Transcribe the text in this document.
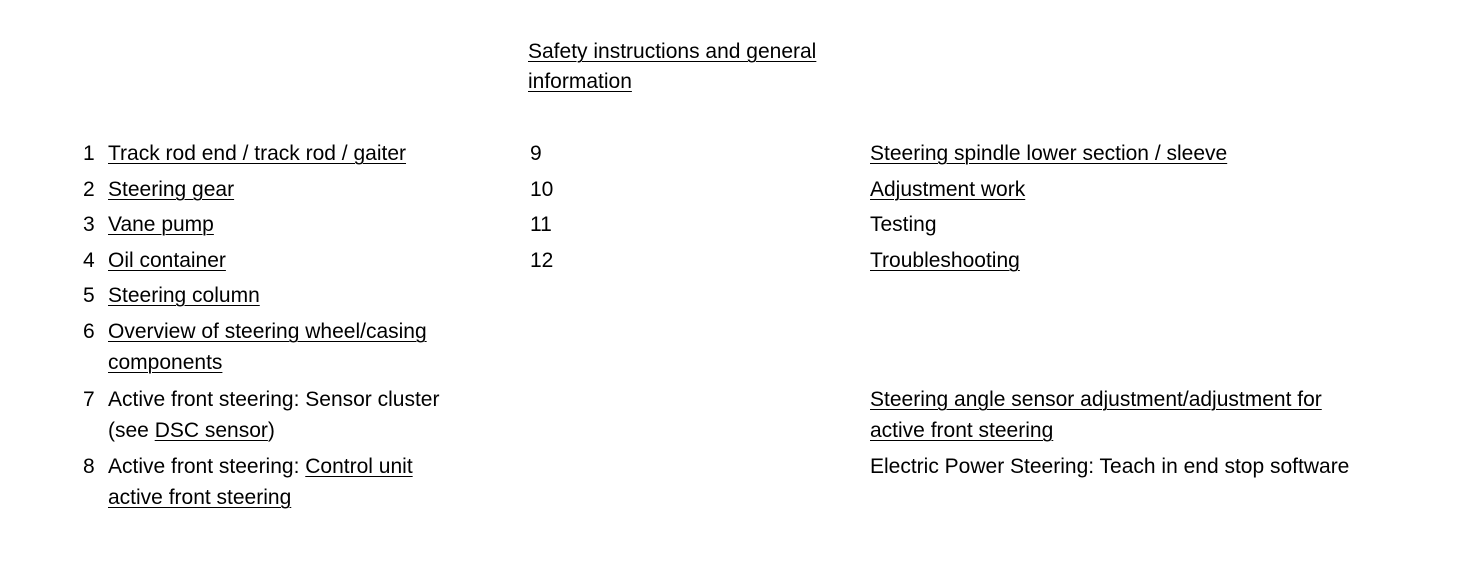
Safety instructions and general
information
1 Track rod end / track rod / gaiter
2 Steering gear
3 Vane pump
4 Oil container
5 Steering column
6 Overview of steering wheel/casing
components
7 Active front steering: Sensor cluster
(see DSC sensor)
8 Active front steering: Control unit
active front steering
9
10
11
12
Steering spindle lower section / sleeve
Adjustment work
Testing
Troubleshooting
Steering angle sensor adjustment/adjustment for
active front steering
Electric Power Steering: Teach in end stop software
